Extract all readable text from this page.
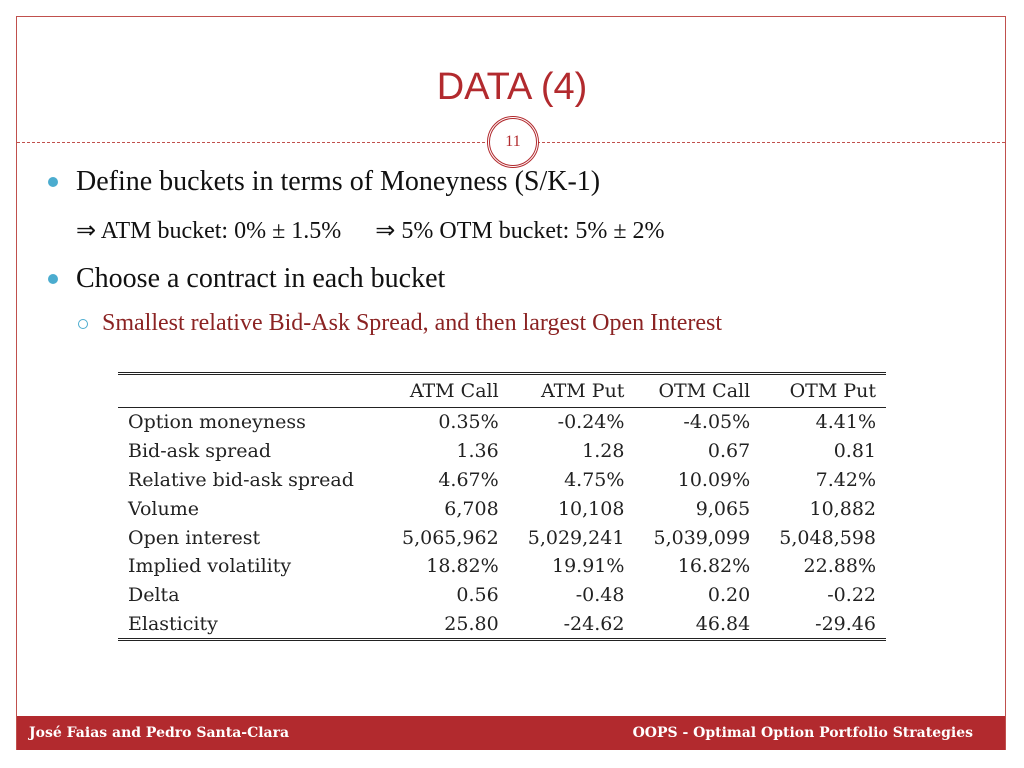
DATA (4)
11
Define buckets in terms of Moneyness (S/K-1)
⇒ ATM bucket: 0% ± 1.5% ⇒ 5% OTM bucket: 5% ± 2%
Choose a contract in each bucket
Smallest relative Bid-Ask Spread, and then largest Open Interest
	ATM Call	ATM Put	OTM Call	OTM Put
Option moneyness	0.35%	-0.24%	-4.05%	4.41%
Bid-ask spread	1.36	1.28	0.67	0.81
Relative bid-ask spread	4.67%	4.75%	10.09%	7.42%
Volume	6,708	10,108	9,065	10,882
Open interest	5,065,962	5,029,241	5,039,099	5,048,598
Implied volatility	18.82%	19.91%	16.82%	22.88%
Delta	0.56	-0.48	0.20	-0.22
Elasticity	25.80	-24.62	46.84	-29.46
José Faias and Pedro Santa-Clara	OOPS - Optimal Option Portfolio Strategies
